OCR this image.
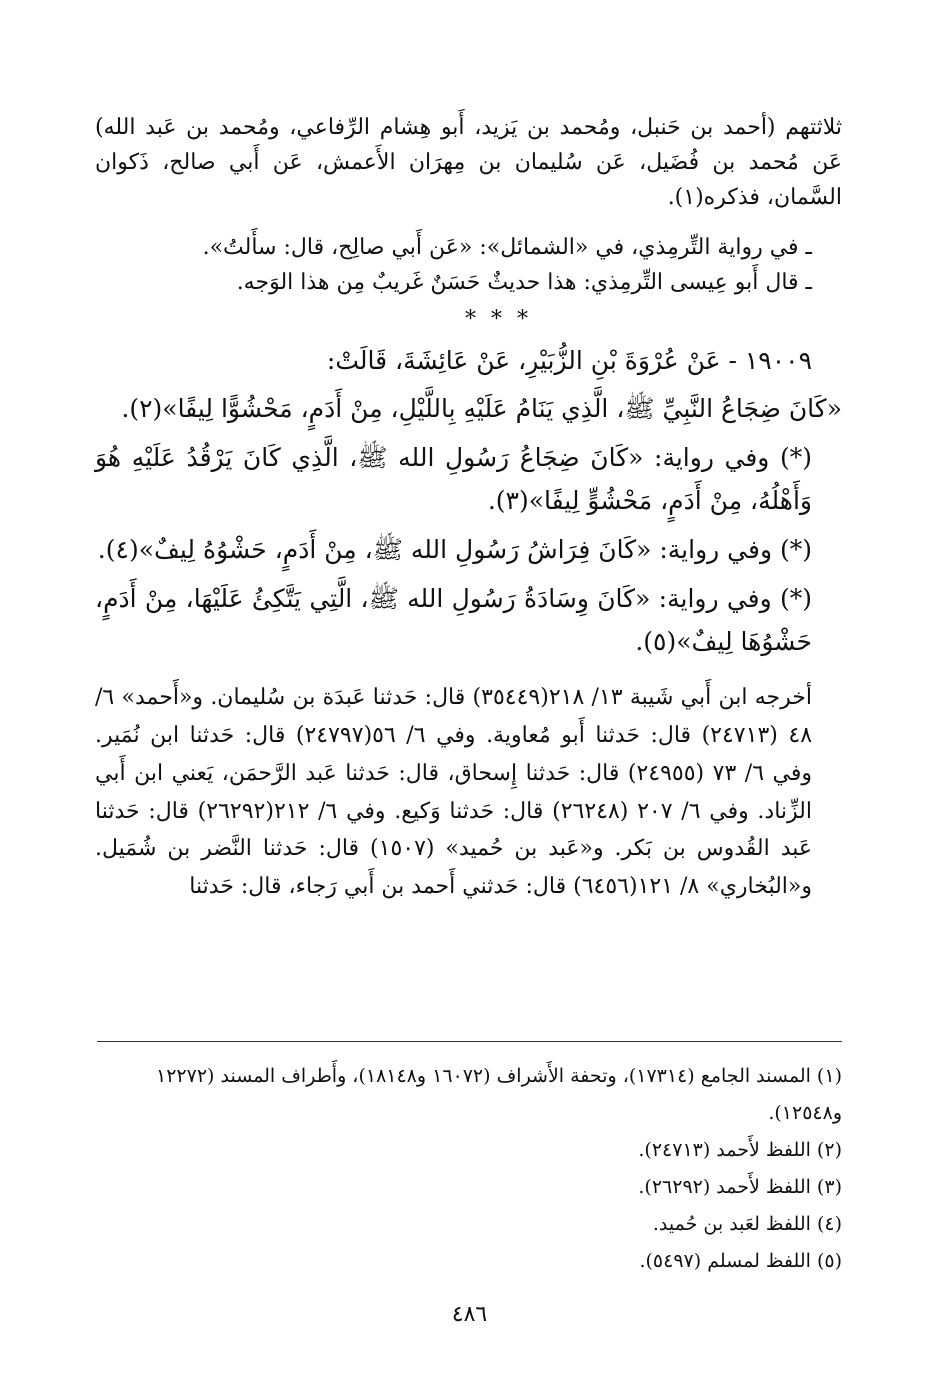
ثلاثتهم (أحمد بن حَنبل، ومُحمد بن يَزيد، أَبو هِشام الرِّفاعي، ومُحمد بن عَبد الله) عَن مُحمد بن فُضَيل، عَن سُليمان بن مِهرَان الأَعمش، عَن أَبي صالح، ذَكوان السَّمان، فذكره(١).

ـ في رواية التِّرمِذي، في «الشمائل»: «عَن أَبي صالِح، قال: سأَلتُ».

ـ قال أَبو عِيسى التِّرمِذي: هذا حديثٌ حَسَنٌ غَريبٌ مِن هذا الوَجه.

* * *

١٩٠٠٩ - عَنْ عُرْوَةَ بْنِ الزُّبَيْرِ، عَنْ عَائِشَةَ، قَالَتْ:

«كَانَ ضِجَاعُ النَّبِيِّ ﷺ، الَّذِي يَنَامُ عَلَيْهِ بِاللَّيْلِ، مِنْ أَدَمٍ، مَحْشُوًّا لِيفًا»(٢).

(*) وفي رواية: «كَانَ ضِجَاعُ رَسُولِ الله ﷺ، الَّذِي كَانَ يَرْقُدُ عَلَيْهِ هُوَ وَأَهْلُهُ، مِنْ أَدَمٍ، مَحْشُوٍّ لِيفًا»(٣).

(*) وفي رواية: «كَانَ فِرَاشُ رَسُولِ الله ﷺ، مِنْ أَدَمٍ، حَشْوُهُ لِيفٌ»(٤).

(*) وفي رواية: «كَانَ وِسَادَةُ رَسُولِ الله ﷺ، الَّتِي يَتَّكِئُ عَلَيْهَا، مِنْ أَدَمٍ، حَشْوُهَا لِيفٌ»(٥).

أخرجه ابن أَبي شَيبة ١٣/ ٢١٨(٣٥٤٤٩) قال: حَدثنا عَبدَة بن سُليمان. و«أَحمد» ٦/ ٤٨ (٢٤٧١٣) قال: حَدثنا أَبو مُعاوية. وفي ٦/ ٥٦(٢٤٧٩٧) قال: حَدثنا ابن نُمَير. وفي ٦/ ٧٣ (٢٤٩٥٥) قال: حَدثنا إِسحاق، قال: حَدثنا عَبد الرَّحمَن، يَعني ابن أَبي الزِّناد. وفي ٦/ ٢٠٧ (٢٦٢٤٨) قال: حَدثنا وَكيع. وفي ٦/ ٢١٢(٢٦٢٩٢) قال: حَدثنا عَبد القُدوس بن بَكر. و«عَبد بن حُميد» (١٥٠٧) قال: حَدثنا النَّضر بن شُمَيل. و«البُخاري» ٨/ ١٢١(٦٤٥٦) قال: حَدثني أَحمد بن أَبي رَجاء، قال: حَدثنا

(١) المسند الجامع (١٧٣١٤)، وتحفة الأَشراف (١٦٠٧٢ و١٨١٤٨)، وأَطراف المسند (١٢٢٧٢ و١٢٥٤٨).

(٢) اللفظ لأَحمد (٢٤٧١٣).

(٣) اللفظ لأَحمد (٢٦٢٩٢).

(٤) اللفظ لعَبد بن حُميد.

(٥) اللفظ لمسلم (٥٤٩٧).

٤٨٦
